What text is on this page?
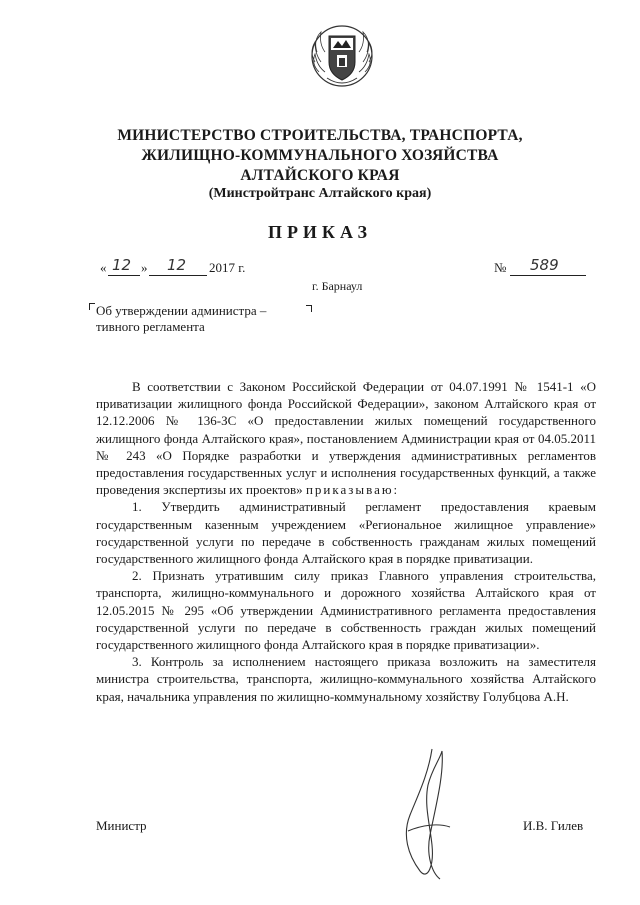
МИНИСТЕРСТВО СТРОИТЕЛЬСТВА, ТРАНСПОРТА,
ЖИЛИЩНО-КОММУНАЛЬНОГО ХОЗЯЙСТВА
АЛТАЙСКОГО КРАЯ
(Минстройтранс Алтайского края)
ПРИКАЗ
« 12 » 12 2017 г.	№ 589
г. Барнаул
Об утверждении администра –
тивного регламента

В соответствии с Законом Российской Федерации от 04.07.1991 № 1541-1 «О приватизации жилищного фонда Российской Федерации», законом Алтайского края от 12.12.2006 № 136-ЗС «О предоставлении жилых помещений государственного жилищного фонда Алтайского края», постановлением Администрации края от 04.05.2011 № 243 «О Порядке разработки и утверждения административных регламентов предоставления государственных услуг и исполнения государственных функций, а также проведения экспертизы их проектов» приказываю:

1. Утвердить административный регламент предоставления краевым государственным казенным учреждением «Региональное жилищное управление» государственной услуги по передаче в собственность гражданам жилых помещений государственного жилищного фонда Алтайского края в порядке приватизации.

2. Признать утратившим силу приказ Главного управления строительства, транспорта, жилищно-коммунального и дорожного хозяйства Алтайского края от 12.05.2015 № 295 «Об утверждении Административного регламента предоставления государственной услуги по передаче в собственность граждан жилых помещений государственного жилищного фонда Алтайского края в порядке приватизации».

3. Контроль за исполнением настоящего приказа возложить на заместителя министра строительства, транспорта, жилищно-коммунального хозяйства Алтайского края, начальника управления по жилищно-коммунальному хозяйству Голубцова А.Н.

Министр	И.В. Гилев
